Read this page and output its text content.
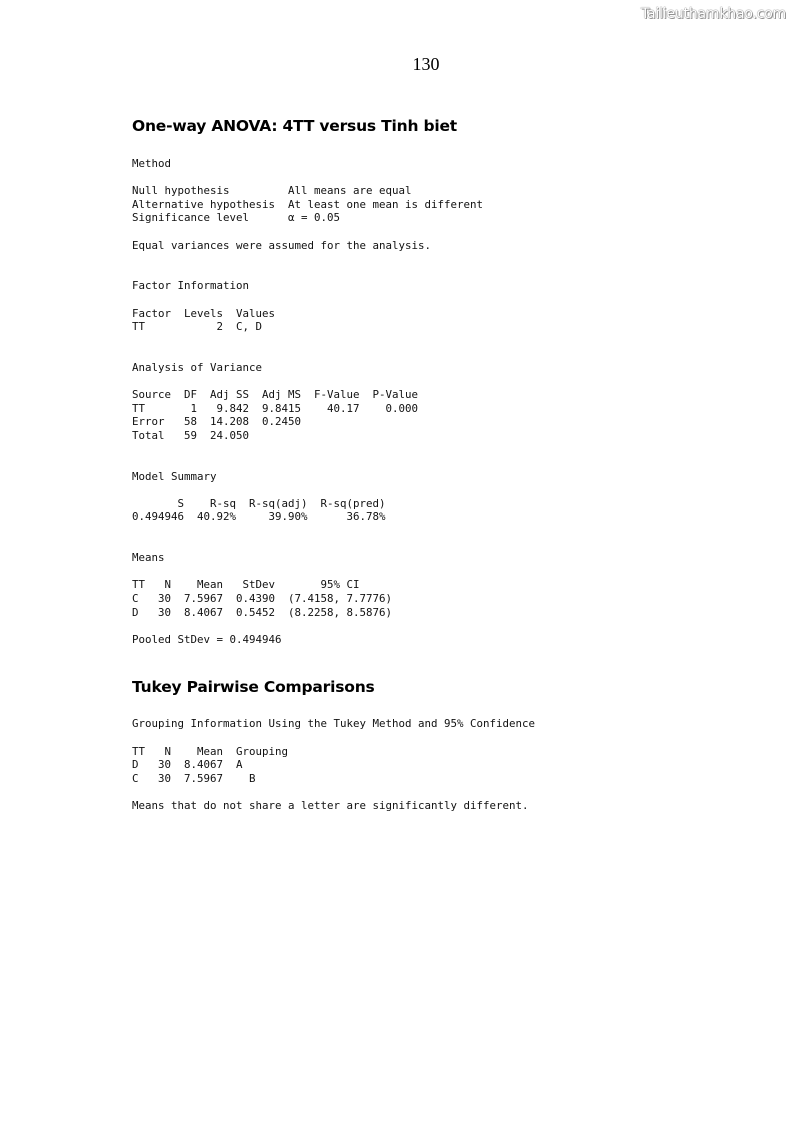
Tailieuthamkhao.com
130
One-way ANOVA: 4TT versus Tinh biet
Method
Null hypothesis         All means are equal
Alternative hypothesis  At least one mean is different
Significance level      α = 0.05
Equal variances were assumed for the analysis.
Factor Information
Factor  Levels  Values
TT           2  C, D
Analysis of Variance
Source  DF  Adj SS  Adj MS  F-Value  P-Value
TT       1   9.842  9.8415    40.17    0.000
Error   58  14.208  0.2450
Total   59  24.050
Model Summary
S    R-sq  R-sq(adj)  R-sq(pred)
0.494946  40.92%     39.90%      36.78%
Means
TT   N    Mean   StDev       95% CI
C   30  7.5967  0.4390  (7.4158, 7.7776)
D   30  8.4067  0.5452  (8.2258, 8.5876)
Pooled StDev = 0.494946
Tukey Pairwise Comparisons
Grouping Information Using the Tukey Method and 95% Confidence
TT   N    Mean  Grouping
D   30  8.4067  A
C   30  7.5967    B
Means that do not share a letter are significantly different.
